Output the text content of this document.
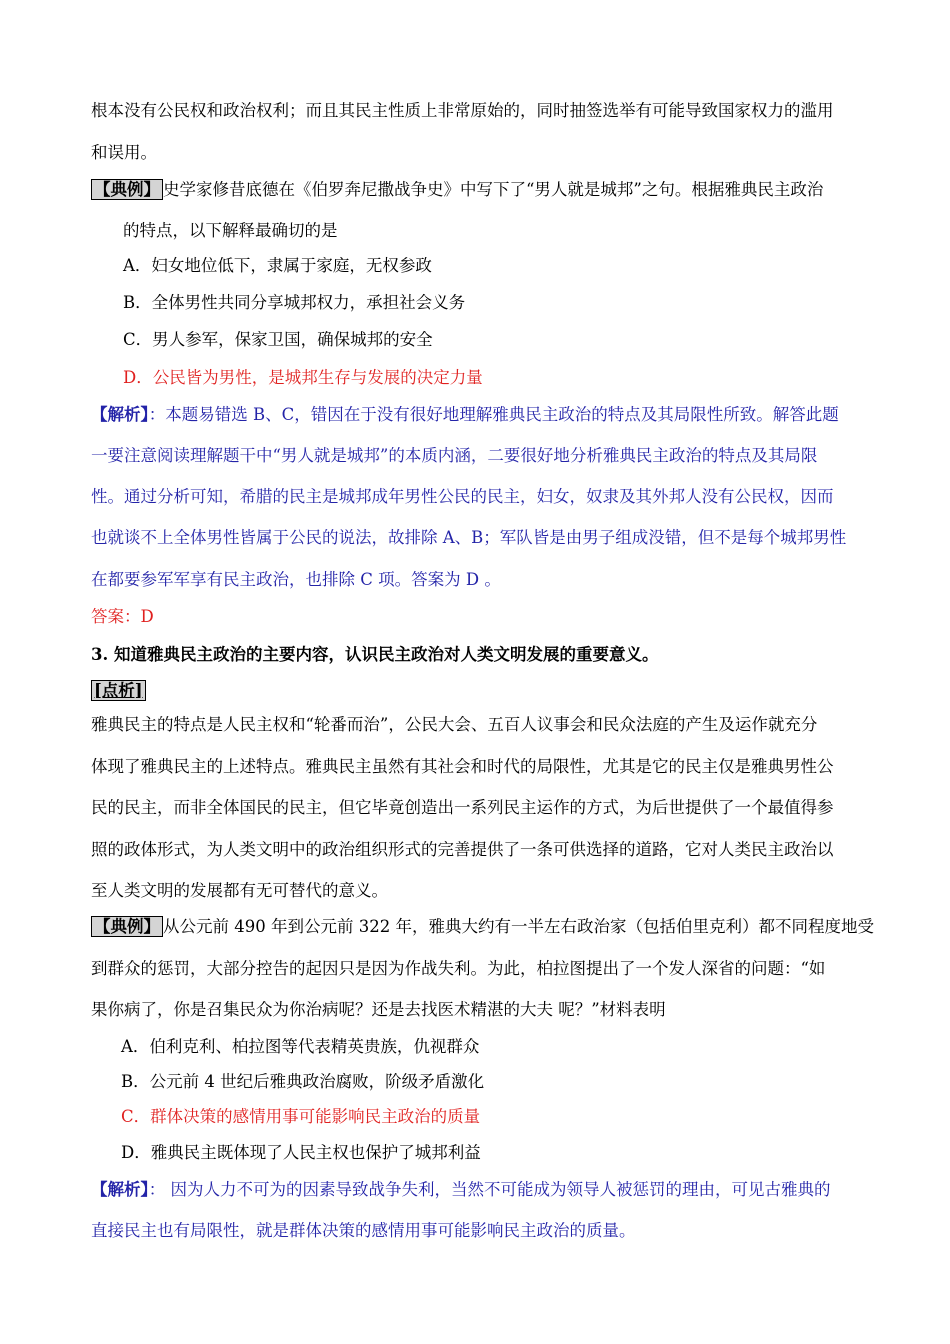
根本没有公民权和政治权利；而且其民主性质上非常原始的，同时抽签选举有可能导致国家权力的滥用
和误用。
【典例】 史学家修昔底德在《伯罗奔尼撒战争史》中写下了“男人就是城邦”之句。根据雅典民主政治
的特点，以下解释最确切的是
A．妇女地位低下，隶属于家庭，无权参政
B．全体男性共同分享城邦权力，承担社会义务
C．男人参军，保家卫国，确保城邦的安全
D．公民皆为男性，是城邦生存与发展的决定力量
【解析】：本题易错选 B、C，错因在于没有很好地理解雅典民主政治的特点及其局限性所致。解答此题
一要注意阅读理解题干中“男人就是城邦”的本质内涵，二要很好地分析雅典民主政治的特点及其局限
性。通过分析可知，希腊的民主是城邦成年男性公民的民主，妇女，奴隶及其外邦人没有公民权，因而
也就谈不上全体男性皆属于公民的说法，故排除 A、B；军队皆是由男子组成没错，但不是每个城邦男性
在都要参军军享有民主政治，也排除 C 项。答案为 D 。
答案：D
3. 知道雅典民主政治的主要内容，认识民主政治对人类文明发展的重要意义。
[点析]
雅典民主的特点是人民主权和“轮番而治”，公民大会、五百人议事会和民众法庭的产生及运作就充分
体现了雅典民主的上述特点。雅典民主虽然有其社会和时代的局限性，尤其是它的民主仅是雅典男性公
民的民主，而非全体国民的民主，但它毕竟创造出一系列民主运作的方式，为后世提供了一个最值得参
照的政体形式，为人类文明中的政治组织形式的完善提供了一条可供选择的道路，它对人类民主政治以
至人类文明的发展都有无可替代的意义。
【典例】 从公元前 490 年到公元前 322 年，雅典大约有一半左右政治家（包括伯里克利）都不同程度地受
到群众的惩罚，大部分控告的起因只是因为作战失利。为此，柏拉图提出了一个发人深省的问题：“如
果你病了，你是召集民众为你治病呢？还是去找医术精湛的大夫 呢？”材料表明
A．伯利克利、柏拉图等代表精英贵族，仇视群众
B．公元前 4 世纪后雅典政治腐败，阶级矛盾激化
C．群体决策的感情用事可能影响民主政治的质量
D．雅典民主既体现了人民主权也保护了城邦利益
【解析】： 因为人力不可为的因素导致战争失利，当然不可能成为领导人被惩罚的理由，可见古雅典的
直接民主也有局限性，就是群体决策的感情用事可能影响民主政治的质量。
